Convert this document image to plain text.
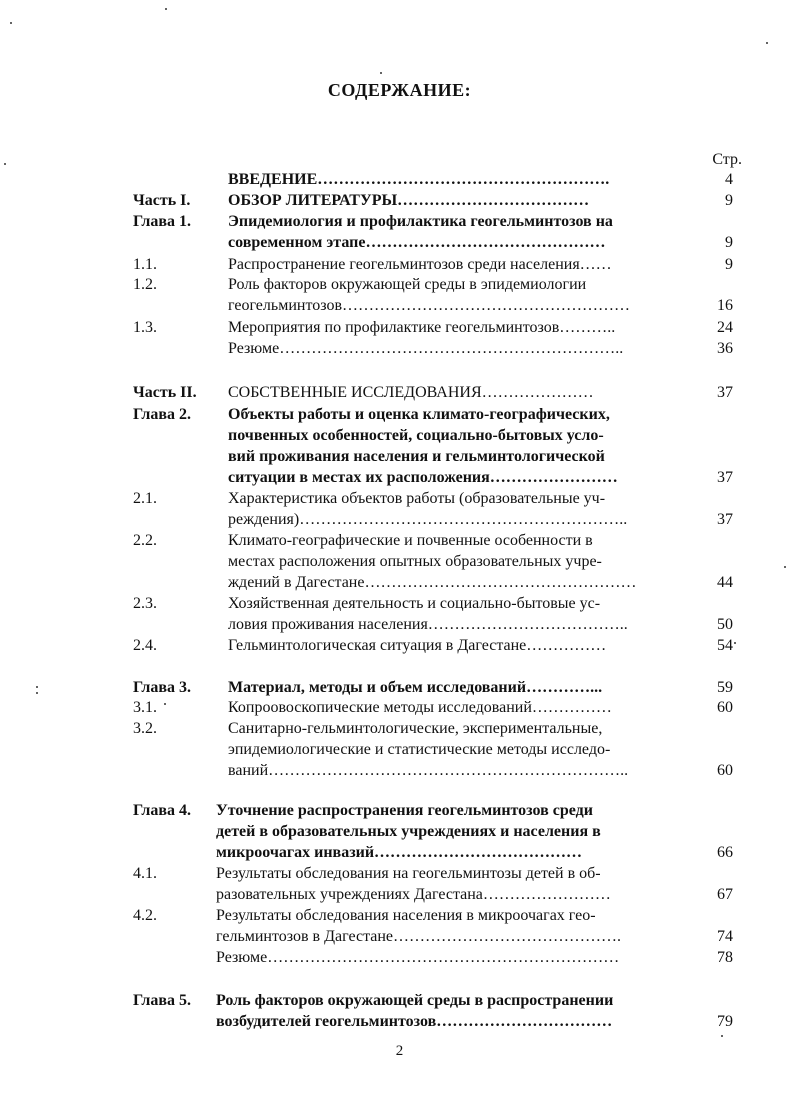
СОДЕРЖАНИЕ:
Стр.
ВВЕДЕНИЕ……………………………………………….	4
Часть I. ОБЗОР ЛИТЕРАТУРЫ………………………………	9
Глава 1. Эпидемиология и профилактика геогельминтозов на
современном этапе………………………………………	9
1.1.	Распространение геогельминтозов среди населения……	9
1.2.	Роль факторов окружающей среды в эпидемиологии
геогельминтозов………………………………………………	16
1.3.	Мероприятия по профилактике геогельминтозов………..	24
Резюме………………………………………………………..	36
Часть II. СОБСТВЕННЫЕ ИССЛЕДОВАНИЯ…………………	37
Глава 2. Объекты работы и оценка климато-географических,
почвенных особенностей, социально-бытовых усло-
вий проживания населения и гельминтологической
ситуации в местах их расположения……………………	37
2.1.	Характеристика объектов работы (образовательные уч-
реждения)……………………………………………………..	37
2.2.	Климато-географические и почвенные особенности в
местах расположения опытных образовательных учре-
ждений в Дагестане……………………………………………	44
2.3.	Хозяйственная деятельность и социально-бытовые ус-
ловия проживания населения………………………………..	50
2.4.	Гельминтологическая ситуация в Дагестане……………	54
Глава 3. Материал, методы и объем исследований…………...	59
3.1.	Копроовоскопические методы исследований……………	60
3.2.	Санитарно-гельминтологические, экспериментальные,
эпидемиологические и статистические методы исследо-
ваний…………………………………………………………..	60
Глава 4. Уточнение распространения геогельминтозов среди
детей в образовательных учреждениях и населения в
микроочагах инвазий…………………………………	66
4.1.	Результаты обследования на геогельминтозы детей в об-
разовательных учреждениях Дагестана……………………	67
4.2.	Результаты обследования населения в микроочагах гео-
гельминтозов в Дагестане…………………………………….	74
Резюме…………………………………………………………	78
Глава 5. Роль факторов окружающей среды в распространении
возбудителей геогельминтозов……………………………	79
2
